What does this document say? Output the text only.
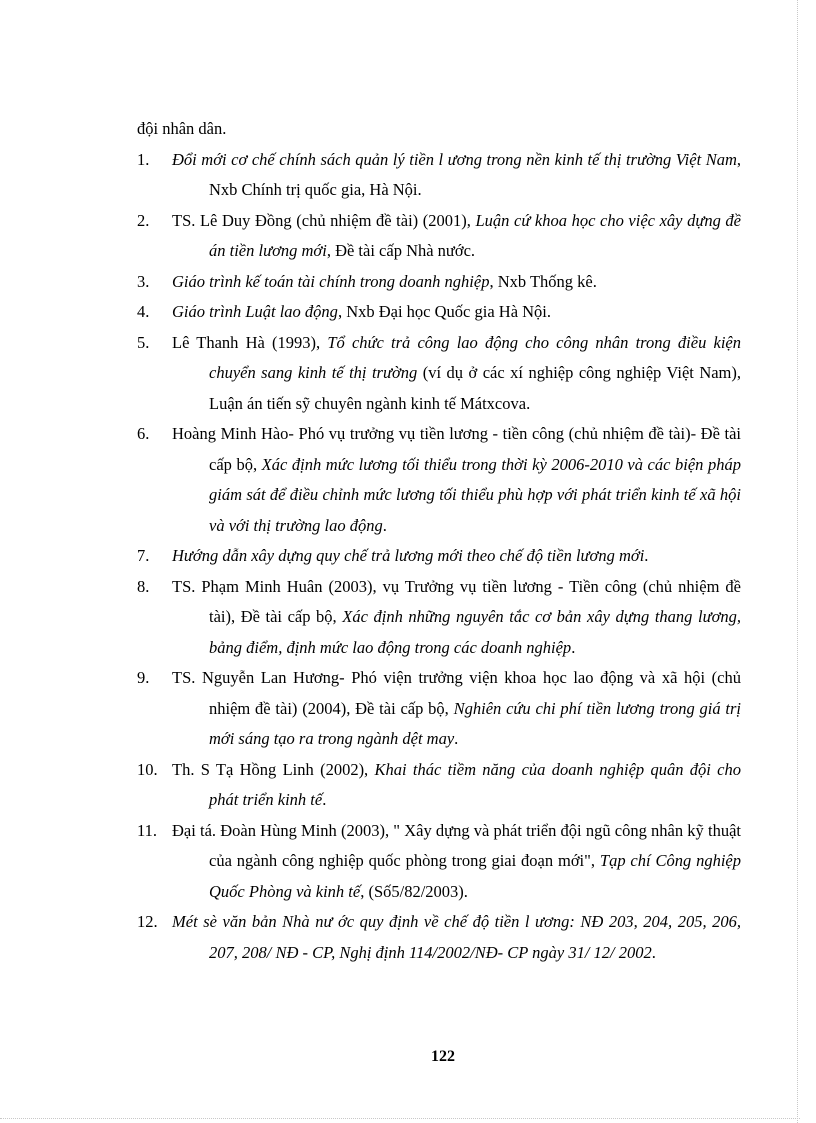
đội nhân dân.

1. Đổi mới cơ chế chính sách quản lý tiền l ương trong nền kinh tế thị trường Việt Nam, Nxb Chính trị quốc gia, Hà Nội.
2. TS. Lê Duy Đồng (chủ nhiệm đề tài) (2001), Luận cứ khoa học cho việc xây dựng đề án tiền lương mới, Đề tài cấp Nhà nước.
3. Giáo trình kế toán tài chính trong doanh nghiệp, Nxb Thống kê.
4. Giáo trình Luật lao động, Nxb Đại học Quốc gia Hà Nội.
5. Lê Thanh Hà (1993), Tổ chức trả công lao động cho công nhân trong điều kiện chuyển sang kinh tế thị trường (ví dụ ở các xí nghiệp công nghiệp Việt Nam), Luận án tiến sỹ chuyên ngành kinh tế Mátxcova.
6. Hoàng Minh Hào- Phó vụ trưởng vụ tiền lương - tiền công (chủ nhiệm đề tài)- Đề tài cấp bộ, Xác định mức lương tối thiểu trong thời kỳ 2006-2010 và các biện pháp giám sát để điều chỉnh mức lương tối thiểu phù hợp với phát triển kinh tế xã hội và với thị trường lao động.
7. Hướng dẫn xây dựng quy chế trả lương mới theo chế độ tiền lương mới.
8. TS. Phạm Minh Huân (2003), vụ Trưởng vụ tiền lương - Tiền công (chủ nhiệm đề tài), Đề tài cấp bộ, Xác định những nguyên tắc cơ bản xây dựng thang lương, bảng điểm, định mức lao động trong các doanh nghiệp.
9. TS. Nguyễn Lan Hương- Phó viện trưởng viện khoa học lao động và xã hội (chủ nhiệm đề tài) (2004), Đề tài cấp bộ, Nghiên cứu chi phí tiền lương trong giá trị mới sáng tạo ra trong ngành dệt may.
10. Th. S Tạ Hồng Linh (2002), Khai thác tiềm năng của doanh nghiệp quân đội cho phát triển kinh tế.
11. Đại tá. Đoàn Hùng Minh (2003), " Xây dựng và phát triển đội ngũ công nhân kỹ thuật của ngành công nghiệp quốc phòng trong giai đoạn mới", Tạp chí Công nghiệp Quốc Phòng và kinh tế, (Số5/82/2003).
12. Mét sè văn bản Nhà nư ớc quy định về chế độ tiền l ương: NĐ 203, 204, 205, 206, 207, 208/ NĐ - CP, Nghị định 114/2002/NĐ- CP ngày 31/ 12/ 2002.
122
